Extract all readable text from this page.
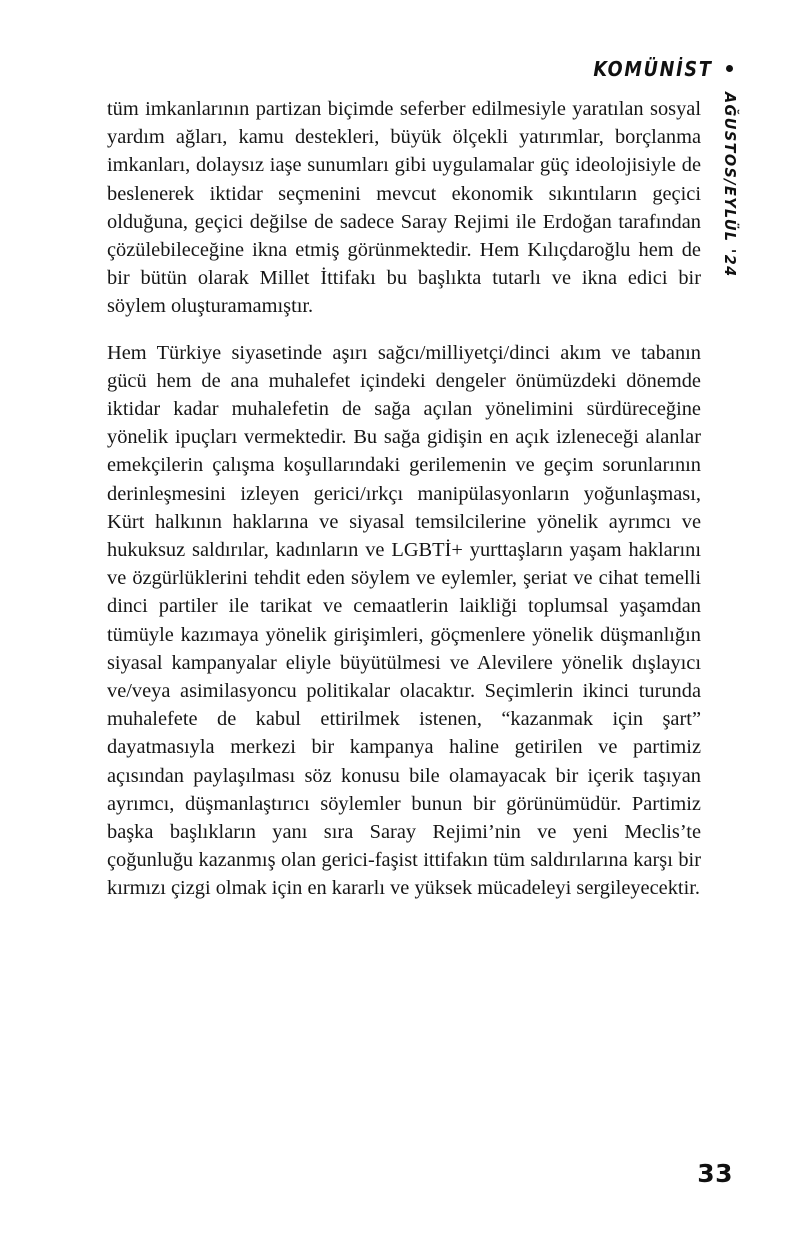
KOMÜNİST
AĞUSTOS/EYLÜL '24

tüm imkanlarının partizan biçimde seferber edilmesiyle yaratılan sosyal yardım ağları, kamu destekleri, büyük ölçekli yatırımlar, borçlanma imkanları, dolaysız iaşe sunumları gibi uygulamalar güç ideolojisiyle de beslenerek iktidar seçmenini mevcut ekonomik sıkıntıların geçici olduğuna, geçici değilse de sadece Saray Rejimi ile Erdoğan tarafından çözülebileceğine ikna etmiş görünmektedir. Hem Kılıçdaroğlu hem de bir bütün olarak Millet İttifakı bu başlıkta tutarlı ve ikna edici bir söylem oluşturamamıştır.

Hem Türkiye siyasetinde aşırı sağcı/milliyetçi/dinci akım ve tabanın gücü hem de ana muhalefet içindeki dengeler önümüzdeki dönemde iktidar kadar muhalefetin de sağa açılan yönelimini sürdüreceğine yönelik ipuçları vermektedir. Bu sağa gidişin en açık izleneceği alanlar emekçilerin çalışma koşullarındaki gerilemenin ve geçim sorunlarının derinleşmesini izleyen gerici/ırkçı manipülasyonların yoğunlaşması, Kürt halkının haklarına ve siyasal temsilcilerine yönelik ayrımcı ve hukuksuz saldırılar, kadınların ve LGBTİ+ yurttaşların yaşam haklarını ve özgürlüklerini tehdit eden söylem ve eylemler, şeriat ve cihat temelli dinci partiler ile tarikat ve cemaatlerin laikliği toplumsal yaşamdan tümüyle kazımaya yönelik girişimleri, göçmenlere yönelik düşmanlığın siyasal kampanyalar eliyle büyütülmesi ve Alevilere yönelik dışlayıcı ve/veya asimilasyoncu politikalar olacaktır. Seçimlerin ikinci turunda muhalefete de kabul ettirilmek istenen, “kazanmak için şart” dayatmasıyla merkezi bir kampanya haline getirilen ve partimiz açısından paylaşılması söz konusu bile olamayacak bir içerik taşıyan ayrımcı, düşmanlaştırıcı söylemler bunun bir görünümüdür. Partimiz başka başlıkların yanı sıra Saray Rejimi’nin ve yeni Meclis’te çoğunluğu kazanmış olan gerici-faşist ittifakın tüm saldırılarına karşı bir kırmızı çizgi olmak için en kararlı ve yüksek mücadeleyi sergileyecektir.

33
